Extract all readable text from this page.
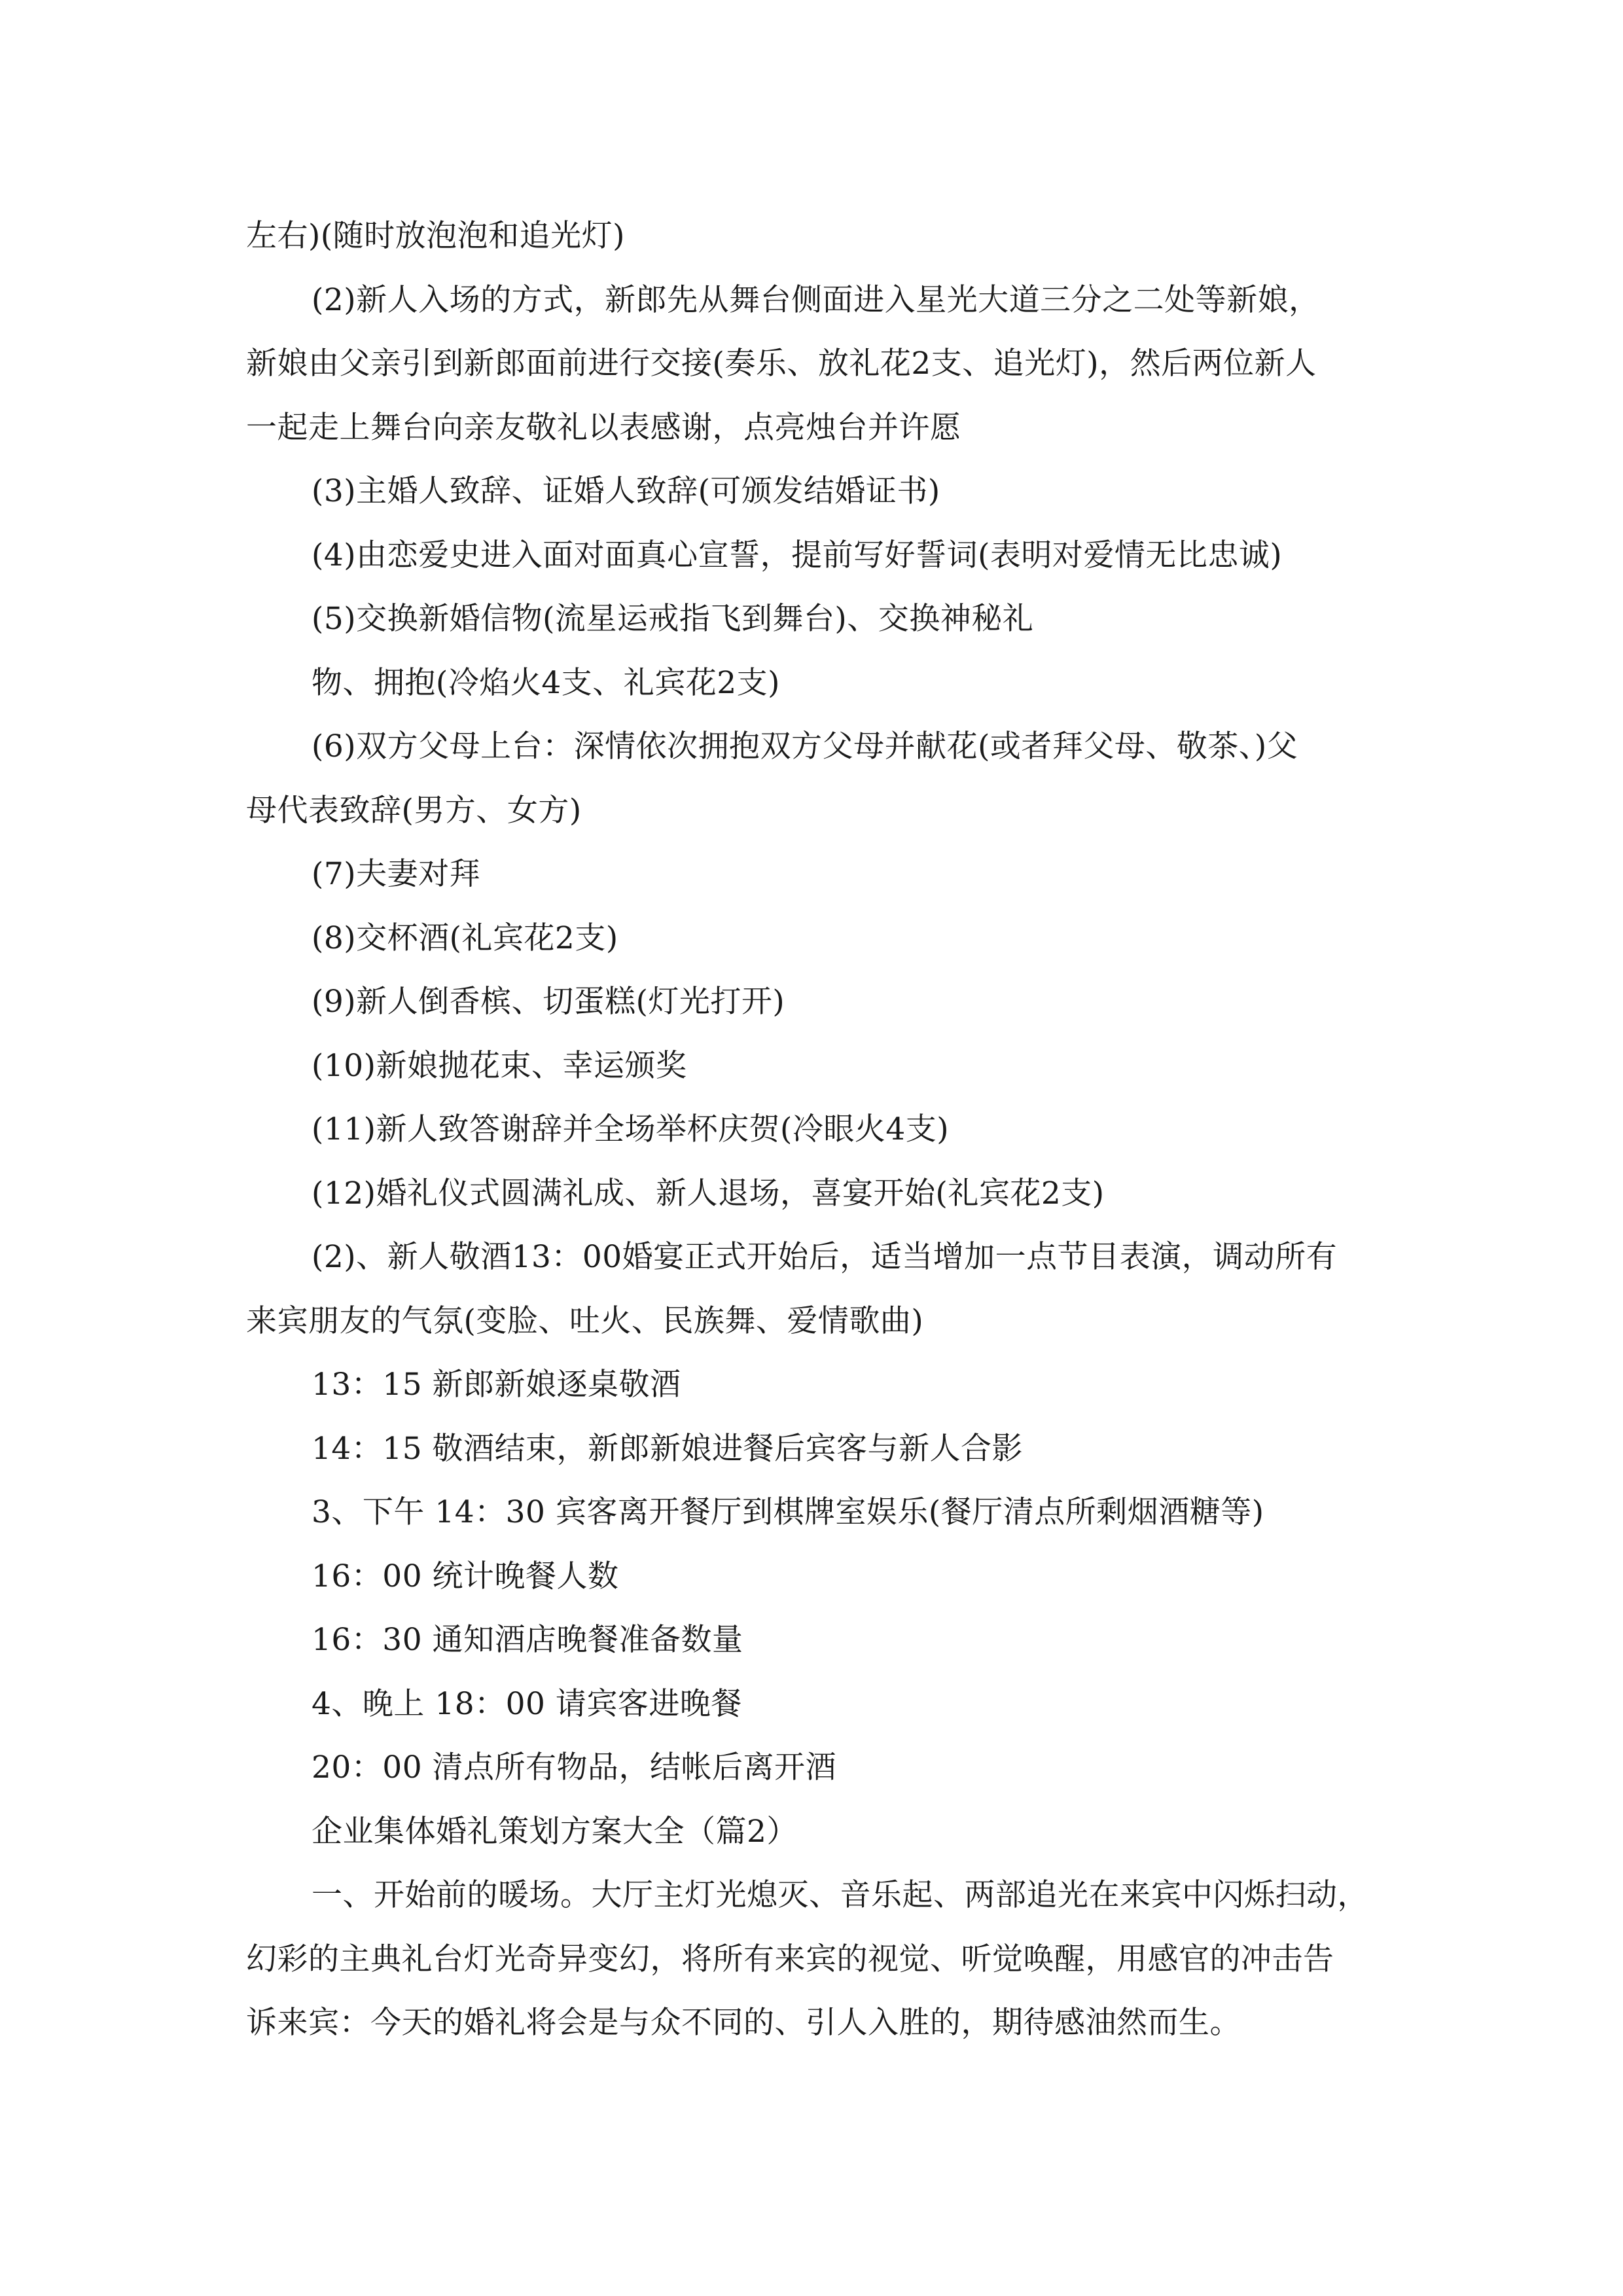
左右)(随时放泡泡和追光灯)
(2)新人入场的方式，新郎先从舞台侧面进入星光大道三分之二处等新娘，
新娘由父亲引到新郎面前进行交接(奏乐、放礼花2支、追光灯)，然后两位新人
一起走上舞台向亲友敬礼以表感谢，点亮烛台并许愿
(3)主婚人致辞、证婚人致辞(可颁发结婚证书)
(4)由恋爱史进入面对面真心宣誓，提前写好誓词(表明对爱情无比忠诚)
(5)交换新婚信物(流星运戒指飞到舞台)、交换神秘礼
物、拥抱(冷焰火4支、礼宾花2支)
(6)双方父母上台：深情依次拥抱双方父母并献花(或者拜父母、敬茶、)父
母代表致辞(男方、女方)
(7)夫妻对拜
(8)交杯酒(礼宾花2支)
(9)新人倒香槟、切蛋糕(灯光打开)
(10)新娘抛花束、幸运颁奖
(11)新人致答谢辞并全场举杯庆贺(冷眼火4支)
(12)婚礼仪式圆满礼成、新人退场，喜宴开始(礼宾花2支)
(2)、新人敬酒13：00婚宴正式开始后，适当增加一点节目表演，调动所有
来宾朋友的气氛(变脸、吐火、民族舞、爱情歌曲)
13：15 新郎新娘逐桌敬酒
14：15 敬酒结束，新郎新娘进餐后宾客与新人合影
3、下午 14：30 宾客离开餐厅到棋牌室娱乐(餐厅清点所剩烟酒糖等)
16：00 统计晚餐人数
16：30 通知酒店晚餐准备数量
4、晚上 18：00 请宾客进晚餐
20：00 清点所有物品，结帐后离开酒
企业集体婚礼策划方案大全（篇2）
一、开始前的暖场。大厅主灯光熄灭、音乐起、两部追光在来宾中闪烁扫动，
幻彩的主典礼台灯光奇异变幻，将所有来宾的视觉、听觉唤醒，用感官的冲击告
诉来宾：今天的婚礼将会是与众不同的、引人入胜的，期待感油然而生。
